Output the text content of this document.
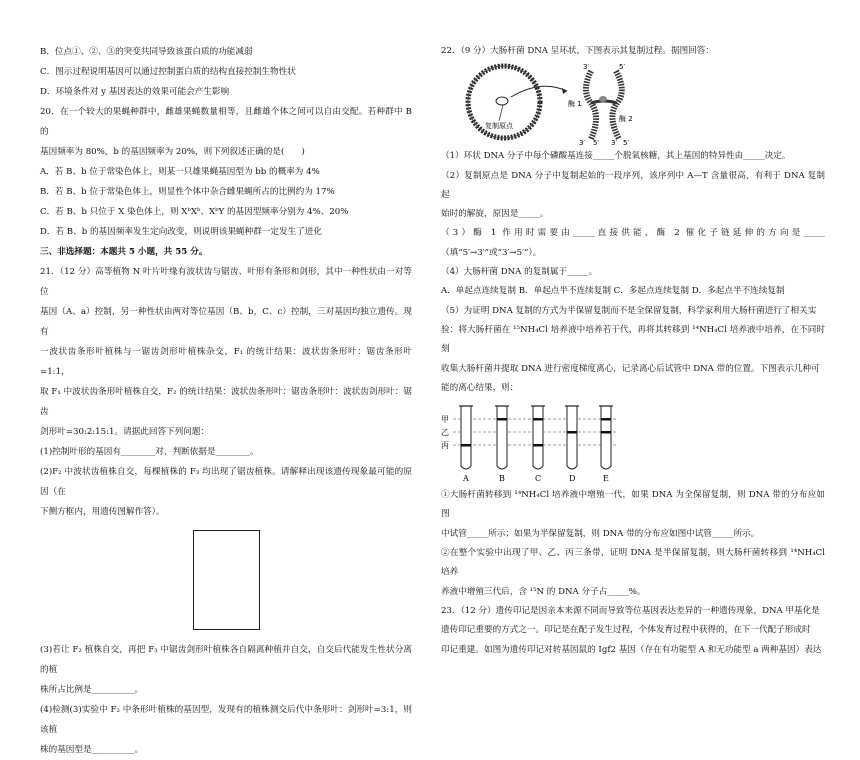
B．位点①、②、③的突变共同导致该蛋白质的功能减弱

C．图示过程说明基因可以通过控制蛋白质的结构直接控制生物性状

D．环境条件对 y 基因表达的效果可能会产生影响

20．在一个较大的果蝇种群中，雌雄果蝇数量相等，且雌雄个体之间可以自由交配。若种群中 B 的

基因频率为 80%，b 的基因频率为 20%，则下列叙述正确的是(　　)

A．若 B、b 位于常染色体上，则某一只雄果蝇基因型为 bb 的概率为 4%

B．若 B、b 位于常染色体上，则显性个体中杂合雌果蝇所占的比例约为 17%

C．若 B、b 只位于 X 染色体上，则 XᵇXᵇ、XᵇY 的基因型频率分别为 4%、20%

D．若 B、b 的基因频率发生定向改变，则说明该果蝇种群一定发生了进化

三、非选择题：本题共 5 小题，共 55 分。

21．（12 分）高等植物 N 叶片叶缘有波状齿与锯齿、叶形有条形和剑形，其中一种性状由一对等位

基因（A、a）控制，另一种性状由两对等位基因（B、b，C、c）控制，三对基因均独立遗传。现有

一波状齿条形叶植株与一锯齿剑形叶植株杂交，F₁ 的统计结果：波状齿条形叶：锯齿条形叶=1:1，

取 F₁ 中波状齿条形叶植株自交，F₂ 的统计结果：波状齿条形叶：锯齿条形叶：波状齿剑形叶：锯齿

剑形叶=30:2:15:1。请据此回答下列问题：

(1)控制叶形的基因有________对，判断依据是________。

(2)F₂ 中波状齿植株自交，每棵植株的 F₃ 均出现了锯齿植株。请解释出现该遗传现象最可能的原因（在

下侧方框内，用遗传图解作答）。

(3)若让 F₂ 植株自交，再把 F₃ 中锯齿剑形叶植株各自隔离种植并自交，自交后代能发生性状分离的植

株所占比例是__________。

(4)检测(3)实验中 F₂ 中条形叶植株的基因型，发现有的植株测交后代中条形叶：剑形叶=3:1，则该植

株的基因型是__________。

22．（9 分）大肠杆菌 DNA 呈环状，下图表示其复制过程。据图回答：

复制原点
3′	5′
酶 1
酶 2
3′ 5′ 3′ 5′

（1）环状 DNA 分子中每个磷酸基连接_____个脱氧核糖，其上基因的特异性由_____决定。

（2）复制原点是 DNA 分子中复制起始的一段序列，该序列中 A—T 含量很高，有利于 DNA 复制起

始时的解旋，原因是_____。

（3）酶 1 作用时需要由_____直接供能，酶 2 催化子链延伸的方向是_____（填“5′→3′”或“3′→5′”）。

（4）大肠杆菌 DNA 的复制属于_____。

A．单起点连续复制 B．单起点半不连续复制 C．多起点连续复制 D．多起点半不连续复制

（5）为证明 DNA 复制的方式为半保留复制而不是全保留复制，科学家利用大肠杆菌进行了相关实

验：将大肠杆菌在 ¹⁵NH₄Cl 培养液中培养若干代，再将其转移到 ¹⁴NH₄Cl 培养液中培养，在不同时刻

收集大肠杆菌并提取 DNA 进行密度梯度离心，记录离心后试管中 DNA 带的位置。下图表示几种可

能的离心结果，则：

甲
乙
丙
A	B	C	D	E

①大肠杆菌转移到 ¹⁴NH₄Cl 培养液中增殖一代，如果 DNA 为全保留复制，则 DNA 带的分布应如图

中试管_____所示；如果为半保留复制，则 DNA 带的分布应如图中试管_____所示。

②在整个实验中出现了甲、乙、丙三条带，证明 DNA 是半保留复制，则大肠杆菌转移到 ¹⁴NH₄Cl 培养

养液中增殖三代后，含 ¹⁵N 的 DNA 分子占_____%。

23．（12 分）遗传印记是因亲本来源不同而导致等位基因表达差异的一种遗传现象，DNA 甲基化是

遗传印记重要的方式之一。印记是在配子发生过程，个体发育过程中获得的，在下一代配子形成时

印记重建。如图为遗传印记对转基因鼠的 Igf2 基因（存在有功能型 A 和无功能型 a 两种基因）表达
